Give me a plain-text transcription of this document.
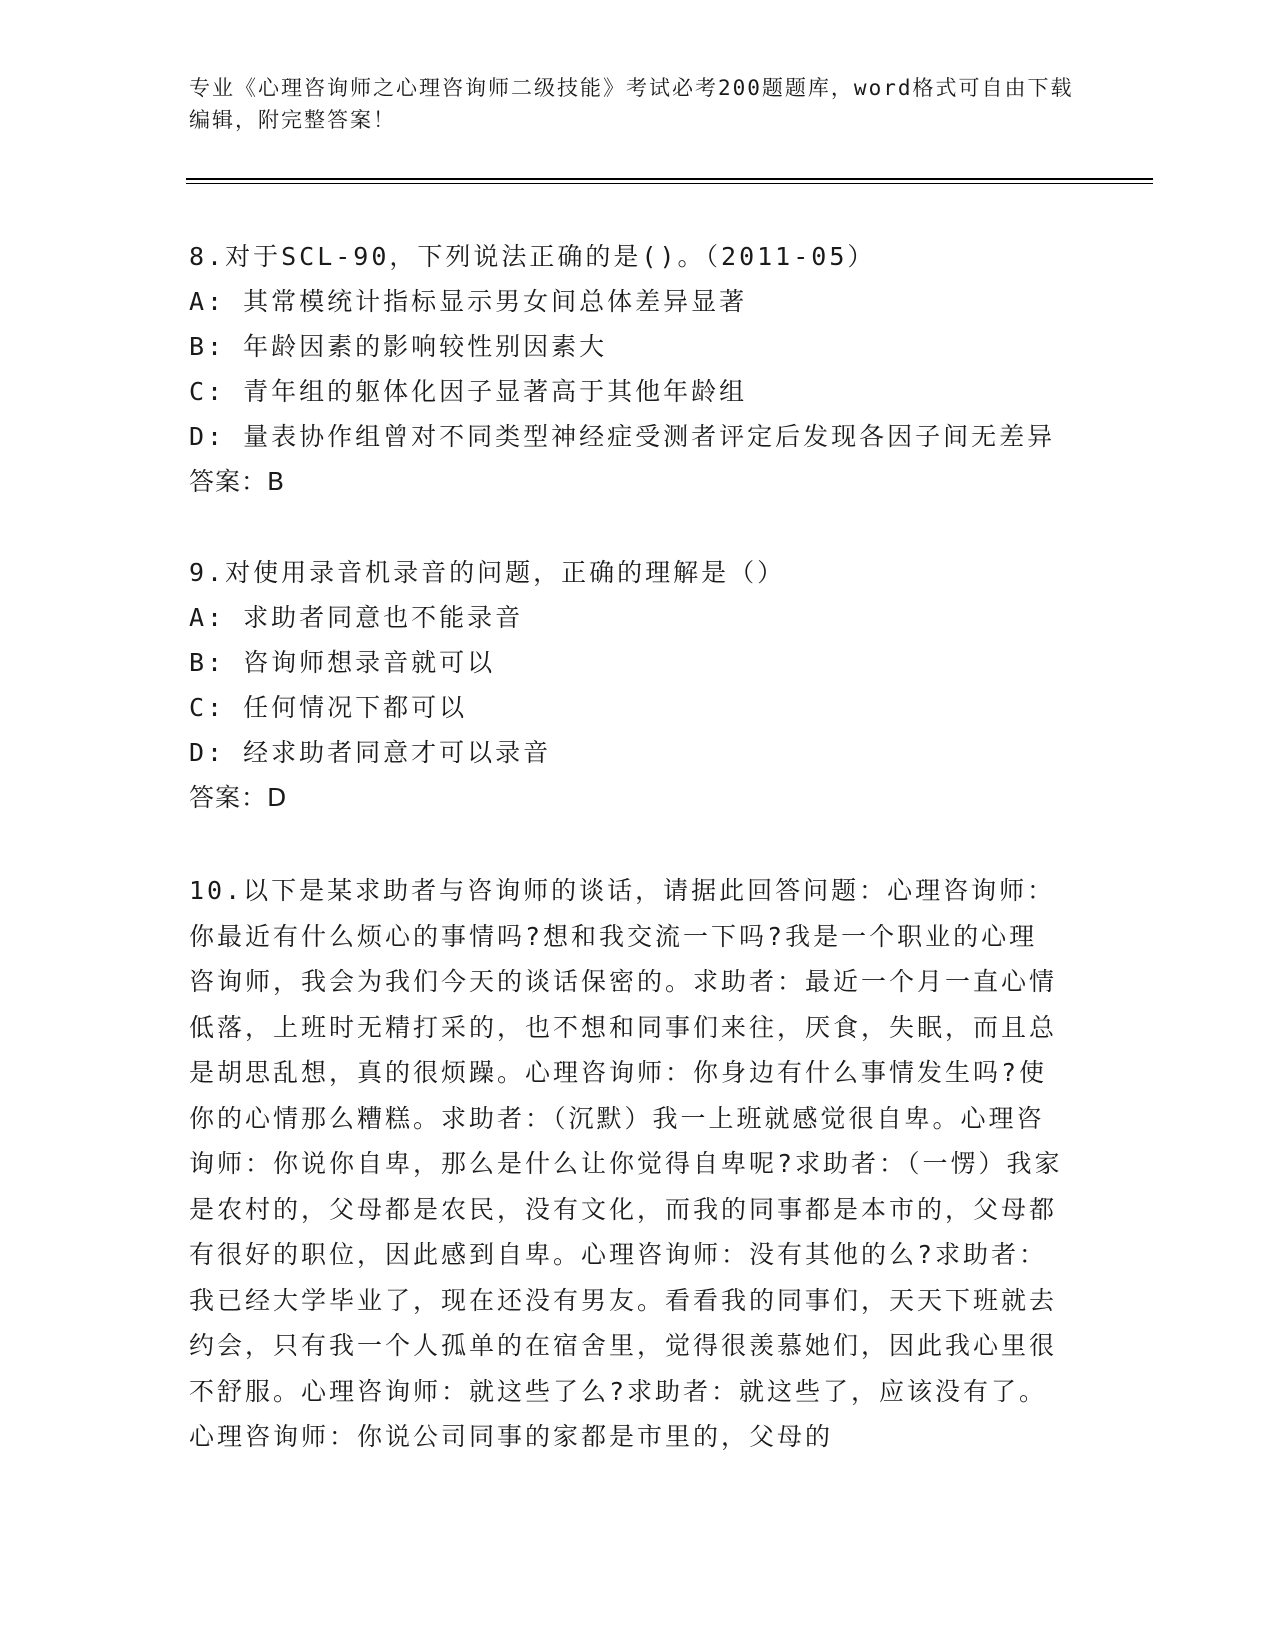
专业《心理咨询师之心理咨询师二级技能》考试必考200题题库，word格式可自由下载编辑，附完整答案！
8.对于SCL-90，下列说法正确的是()。（2011-05）
A: 其常模统计指标显示男女间总体差异显著
B: 年龄因素的影响较性别因素大
C: 青年组的躯体化因子显著高于其他年龄组
D: 量表协作组曾对不同类型神经症受测者评定后发现各因子间无差异
答案：B
9.对使用录音机录音的问题，正确的理解是（）
A: 求助者同意也不能录音
B: 咨询师想录音就可以
C: 任何情况下都可以
D: 经求助者同意才可以录音
答案：D
10.以下是某求助者与咨询师的谈话，请据此回答问题：心理咨询师：你最近有什么烦心的事情吗?想和我交流一下吗?我是一个职业的心理咨询师，我会为我们今天的谈话保密的。求助者：最近一个月一直心情低落，上班时无精打采的，也不想和同事们来往，厌食，失眠，而且总是胡思乱想，真的很烦躁。心理咨询师：你身边有什么事情发生吗?使你的心情那么糟糕。求助者：（沉默）我一上班就感觉很自卑。心理咨询师：你说你自卑，那么是什么让你觉得自卑呢?求助者：（一愣）我家是农村的，父母都是农民，没有文化，而我的同事都是本市的，父母都有很好的职位，因此感到自卑。心理咨询师：没有其他的么?求助者：我已经大学毕业了，现在还没有男友。看看我的同事们，天天下班就去约会，只有我一个人孤单的在宿舍里，觉得很羡慕她们，因此我心里很不舒服。心理咨询师：就这些了么?求助者：就这些了，应该没有了。心理咨询师：你说公司同事的家都是市里的，父母的
